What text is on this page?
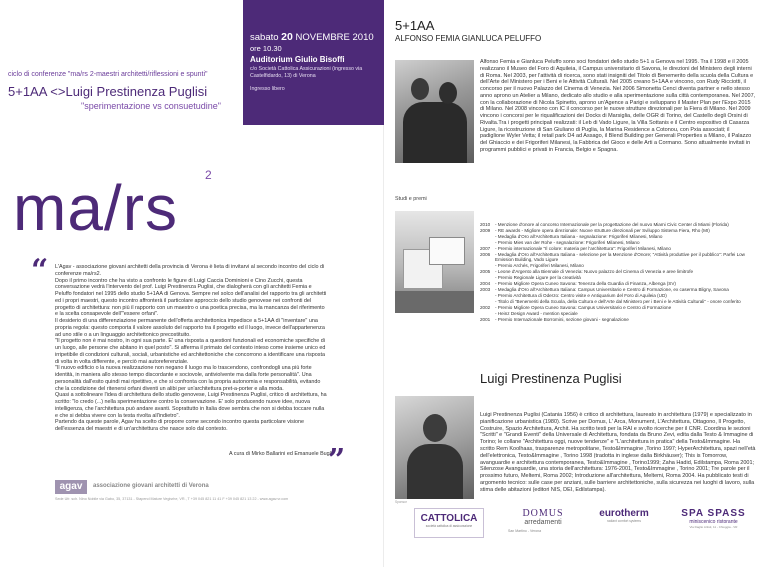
sabato 20 NOVEMBRE 2010
ore 10.30
Auditorium Giulio Bisoffi
c/o Società Cattolica Assicurazioni (ingresso via Castelfidardo, 13) di Verona
Ingresso libero
ciclo di conferenze "ma/rs 2-maestri architetti/riflessioni e spunti"
5+1AA <>Luigi Prestinenza Puglisi
"sperimentazione vs consuetudine"
ma/rs 2
“ L'Agav - associazione giovani architetti della provincia di Verona è lieta di invitarvi al secondo incontro del ciclo di conferenze ma/rs2.

Dopo il primo incontro che ha visto a confronto le figure di Luigi Caccia Dominioni e Cino Zucchi, questa conversazione vedrà l'intervento del prof. Luigi Prestinenza Puglisi, che dialogherà con gli architetti Femia e Peluffo fondatori nel 1995 dello studio 5+1AA di Genova. Sempre nel solco dell'analisi del rapporto tra gli architetti ed i propri maestri, questo incontro affronterà il particolare approccio dello studio genovese nei confronti del progetto di architettura: non più il rapporto con un maestro o una poetica precisa, ma la mancanza del riferimento e la scelta consapevole dell'"essere orfani".

Il desiderio di una differenziazione permanente dell'offerta architettonica impedisce a 5+1AA di "inventare" una propria regola: questo comporta il valore assoluto del rapporto tra il progetto ed il luogo, invece dell'appartenenza ad uno stile o a un linguaggio architettonico precostituito.

"Il progetto non è mai nostro, in ogni sua parte. E' una risposta a questioni funzionali ed economiche specifiche di un luogo, alle persone che abitano in quel posto". Si afferma il primato del contesto inteso come insieme unico ed irripetibile di condizioni culturali, sociali, urbanistiche ed architettoniche che concorrono a identificare una risposta di volta in volta differente, e perciò mai autoreferenziale.

"Il nuovo edificio o la nuova realizzazione non negano il luogo ma lo trascendono, confrondogli una più forte identità, in maniera allo stesso tempo discordante e sociovole, antiviolvente ma dalla forte personalità". Una personalità dall'esito quindi mai ripetitivo, e che si confronta con la propria autonomia e responsabilità, evitando che la condizione del ritenersi orfani diventi un alibi per un'architettura pret-a-porter e alla moda.

Quasi a sottolineare l'idea di architettura dello studio genovese, Luigi Prestinenza Puglisi, critico di architettura, ha scritto: "lo credo (...) nella sperimentazione contro la conservazione. E' solo producendo nuove idee, nuova intelligenza, che l'architettura può andare avanti. Soprattutto in Italia dove sembra che non si debba toccare nulla e che si debba vivere con la testa rivolta all'indietro".

Partendo da queste parole, Agav ha scelto di proporre come secondo incontro questa particolare visione dell'essenza del maestri e di un'architettura che nasce solo dal contesto.

A cura di Mirko Ballarini ed Emanuele Bugli
”
agav	associazione giovani architetti di Verona
Sede Ufr. sch. Nino Nobile via Gabo, 35, 37131 - Stapend Mature Vegisrhe, VR., T +39 045 821 11 41 F +39 045 821 13 22 - www.agav.vr.com
5+1AA
ALFONSO FEMIA GIANLUCA PELUFFO
Alfonso Femia e Gianluca Peluffo sono soci fondatori dello studio 5+1 a Genova nel 1995. Tra il 1998 e il 2005 realizzano il Museo del Foro di Aquileia, il Campus universitario di Savona, le direzioni del Ministero degli interni di Roma. Nel 2003, per l'attività di ricerca, sono stati insigniti del Titolo di Benemerito della scuola della Cultura e dell'Arte del Ministero per i Beni e le Attività Culturali. Nel 2005 creano 5+1AA e vincono, con Rudy Ricciotti, il concorso per il nuovo Palazzo del Cinema di Venezia. Nel 2006 Simonetta Cenci diventa partner e nello stesso anno aprono un Atelier a Milano, dedicato allo studio e alla sperimentazione sulla città contemporanea. Nel 2007, con la collaborazione di Nicola Spinetto, aprono un'Agence a Parigi e sviluppano il Master Plan per l'Expo 2015 di Milano. Nel 2008 vincono con IC il concorso per le nuove strutture direzionali per la Fiera di Milano. Nel 2009 vincono i concorsi per le riqualificazioni dei Docks di Marsiglia, delle OGR di Torino, del Castello degli Orsini di Rivalta.Tra i progetti principali realizzati: il Leb di Vado Ligure, la Villa Sottanis e il Centro espositivo di Casarza Ligure, la ricostruzione di San Giuliano di Puglia, la Marina Residence a Cotonou, con Pxia associati; il padiglione Wyler Vetta; il retail park D4 ad Assago, il Blend Building per Generali Properties a Milano, il Palazzo del Ghiaccio e dei Frigoriferi Milanesi, la Fabbrica del Gioco e delle Arti a Cormano. Sono attualmente invitati in programmi pubblici e privati in Francia, Belgio e Spagna.
Studi e premi
2010	- Menzione d'onore al concorso Internazionale per la progettazione del nuovo Miami Civic Center di Miami (Florida)
2009	- RE awards - Migliore opera direzionale: Nuove strutture direzionali per Sviluppo Sistema Fiera, Rho (MI)
- Medaglia d'Oro all'Architettura Italiana - segnalazione: Frigoriferi Milanesi, Milano
- Premio Mies van der Rohe - segnalazione: Frigoriferi Milanesi, Milano
2007	- Premio internazionale "Il colore: materia per l'architettura": Frigoriferi Milanesi, Milano
2006	- Medaglia d'Oro all'Architettura Italiana - selezione per la Menzione d'Onore; "Attività produttive per il pubblico": Parfei Low Emission Building, Vado Ligure
- Premio Archés, Frigoriferi Milanesi, Milano
2005	- Leone d'Argento alla Biennale di Venezia: Nuovo palazzo del Cinema di Venezia e aree limitrofe
- Premio Regionale Ligure per la creatività
2004	- Premio Migliore Opera Cuneo Savona: Tenenza della Guardia di Finanza, Albenga (SV)
2003	- Medaglia d'Oro all'Architettura Italiana: Campus Universitario e Centro di Formazione, ex caserma Bligny, Savona
- Premio Architettura di Oderzo: Centro visite e Antiquarium del Foro di Aquileia (UD)
- Titolo di "Benemeriti della Scuola, della Cultura e dell'Arte dal Ministero per i Beni e le Attività Culturali" - onore conferito
2002	- Premio Migliore Opera Cuneo Savona: Campus Universitario e Centro di Formazione
- Heinz Design Award - mention speciale
2001	- Premio Internazionale Borromini, sezione giovani - segnalazione
Luigi Prestinenza Puglisi
Luigi Prestinenza Puglisi (Catania 1956) è critico di architettura, laureato in architettura (1979) e specializzato in pianificazione urbanistica (1980). Scrive per Domus, L' Arca, Monument, L'Architettura, Ottagono, Il Progetto, Costruire, Spazio Architettura, Archit. Ha scritto testi per la RAI e svolto ricerche per il CNR. Coordina le sezioni "Scritti" e "Grandi Eventi" della Universale di Architettura, fondata da Bruno Zevi, edita dalla Testo & Immagine di Torino; le collane "Architettura oggi, nuove tendenze" e "L'architettura in pratica" della Testo&Immagine. Ha scritto Rem Koolhaas, trasparenze metropolitane, Testo&Immagine ,Torino 1997; HyperArchitettura, spazi nell'età dell'elettronica, Testo&Immagine , Torino 1998 (tradotta in inglese dalla Birkhäuser); This is Tomorrow, avanguardie e architettura contemporanea, Testo&Immagine , Torino1999; Zaha Hadid, Edilstampa, Roma 2001; Silenzose Avanguardie, una storia dell'architettura: 1976-2001, Testo&Immagine , Torino 2001; Tre parole per il prossimo futuro, Meltemi, Roma 2002; Introduzione all'architettura, Meltemi, Roma 2004. Ha pubblicato testi di argomento tecnico: sulle case per anziani, sulle barriere architettoniche, sulla sicurezza nei luoghi di lavoro, sulla stima delle abitazioni (editori NIS, DEI, Edilstampa).
Sponsor
CATTOLICA
società cattolica di assicurazione
DOMUS
arredamenti
San Martino - Verona
eurotherm
radiant comfort systems
SPA SPASS
miniscenico ristorante
Via Daglio Artisti, 11 - Chioggia - VR
